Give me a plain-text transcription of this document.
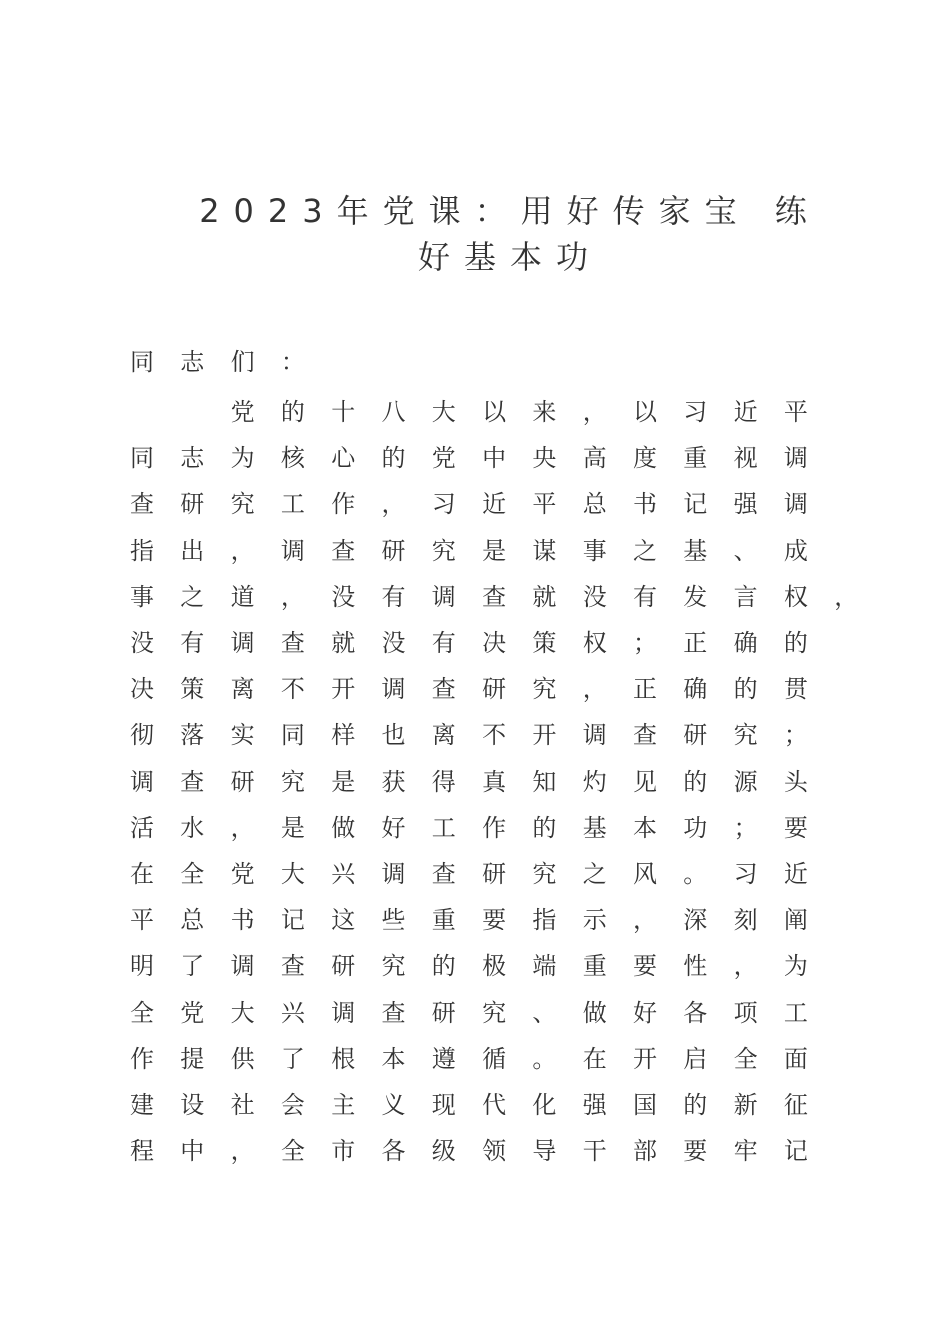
2023年党课：用好传家宝 练
好基本功
同 志 们 ：

党 的 十 八 大 以 来 ， 以 习 近 平
同 志 为 核 心 的 党 中 央 高 度 重 视 调
查 研 究 工 作 ， 习 近 平 总 书 记 强 调
指 出 ， 调 查 研 究 是 谋 事 之 基 、 成
事 之 道 ， 没 有 调 查 就 没 有 发 言 权 ，
没 有 调 查 就 没 有 决 策 权 ； 正 确 的
决 策 离 不 开 调 查 研 究 ， 正 确 的 贯
彻 落 实 同 样 也 离 不 开 调 查 研 究 ；
调 查 研 究 是 获 得 真 知 灼 见 的 源 头
活 水 ， 是 做 好 工 作 的 基 本 功 ； 要
在 全 党 大 兴 调 查 研 究 之 风 。 习 近
平 总 书 记 这 些 重 要 指 示 ， 深 刻 阐
明 了 调 查 研 究 的 极 端 重 要 性 ， 为
全 党 大 兴 调 查 研 究 、 做 好 各 项 工
作 提 供 了 根 本 遵 循 。 在 开 启 全 面
建 设 社 会 主 义 现 代 化 强 国 的 新 征
程 中 ， 全 市 各 级 领 导 干 部 要 牢 记
